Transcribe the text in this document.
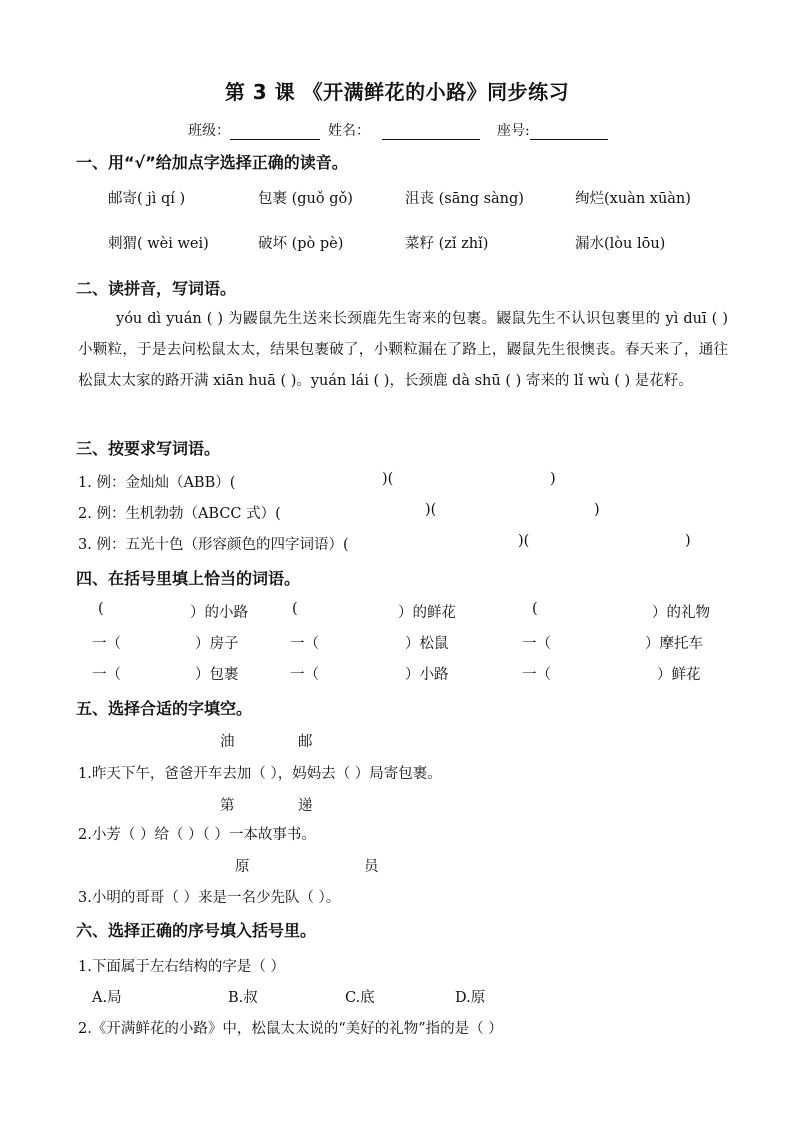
第 3 课 《开满鲜花的小路》同步练习
班级：	姓名：	座号:
一、用“√”给加点字选择正确的读音。
邮寄( jì qí )	包裹 (guǒ gǒ)	沮丧 (sāng sàng)	绚烂(xuàn xūàn)
刺猬( wèi wei)	破坏 (pò pè)	菜籽 (zǐ zhǐ)	漏水(lòu lōu)
二、读拼音，写词语。
yóu dì yuán ( ) 为鼹鼠先生送来长颈鹿先生寄来的包裹。鼹鼠先生不认识包裹里的 yì duī ( ) 小颗粒，于是去问松鼠太太，结果包裹破了，小颗粒漏在了路上，鼹鼠先生很懊丧。春天来了，通往松鼠太太家的路开满 xiān huā ( )。yuán lái ( )，长颈鹿 dà shū ( ) 寄来的 lǐ wù ( ) 是花籽。
三、按要求写词语。
1. 例：金灿灿（ABB）(	)(	)
2. 例：生机勃勃（ABCC 式）(	)(	)
3. 例：五光十色（形容颜色的四字词语）(	)(	)
四、在括号里填上恰当的词语。
(	）的小路	(	）的鲜花	(	）的礼物
一（	）房子	一（	）松鼠	一（	）摩托车
一（	）包裹	一（	）小路	一（	）鲜花
五、选择合适的字填空。
油	邮
1.昨天下午，爸爸开车去加（ ），妈妈去（ ）局寄包裹。
第	递
2.小芳（ ）给（ ）（ ）一本故事书。
原	员
3.小明的哥哥（ ）来是一名少先队（ ）。
六、选择正确的序号填入括号里。
1.下面属于左右结构的字是（ ）
A.局	B.叔	C.底	D.原
2.《开满鲜花的小路》中，松鼠太太说的“美好的礼物”指的是（ ）
